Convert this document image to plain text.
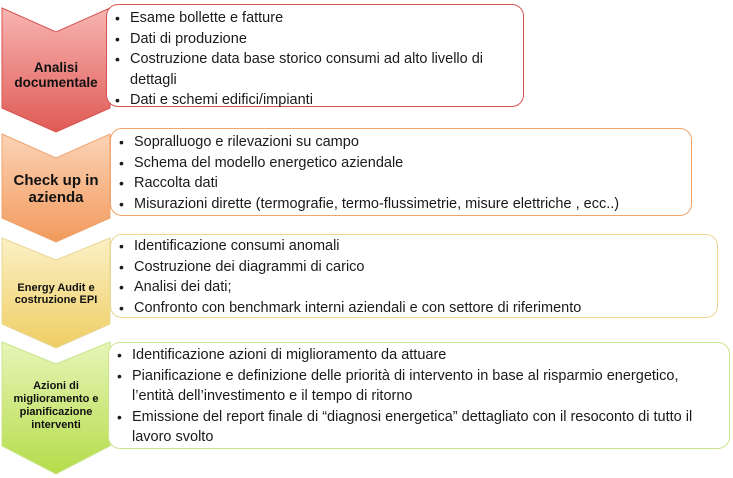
Analisi documentale
• Esame bollette e fatture
• Dati di produzione
• Costruzione data base storico consumi ad alto livello di dettagli
• Dati e schemi edifici/impianti
Check up in azienda
• Sopralluogo e rilevazioni su campo
• Schema del modello energetico aziendale
• Raccolta dati
• Misurazioni dirette (termografie, termo-flussimetrie, misure elettriche , ecc..)
Energy Audit e costruzione EPI
• Identificazione consumi anomali
• Costruzione dei diagrammi di carico
• Analisi dei dati;
• Confronto con benchmark interni aziendali e con settore di riferimento
Azioni di miglioramento e pianificazione interventi
• Identificazione azioni di miglioramento da attuare
• Pianificazione e definizione delle priorità di intervento in base al risparmio energetico, l’entità dell’investimento e il tempo di ritorno
• Emissione del report finale di “diagnosi energetica” dettagliato con il resoconto di tutto il lavoro svolto
